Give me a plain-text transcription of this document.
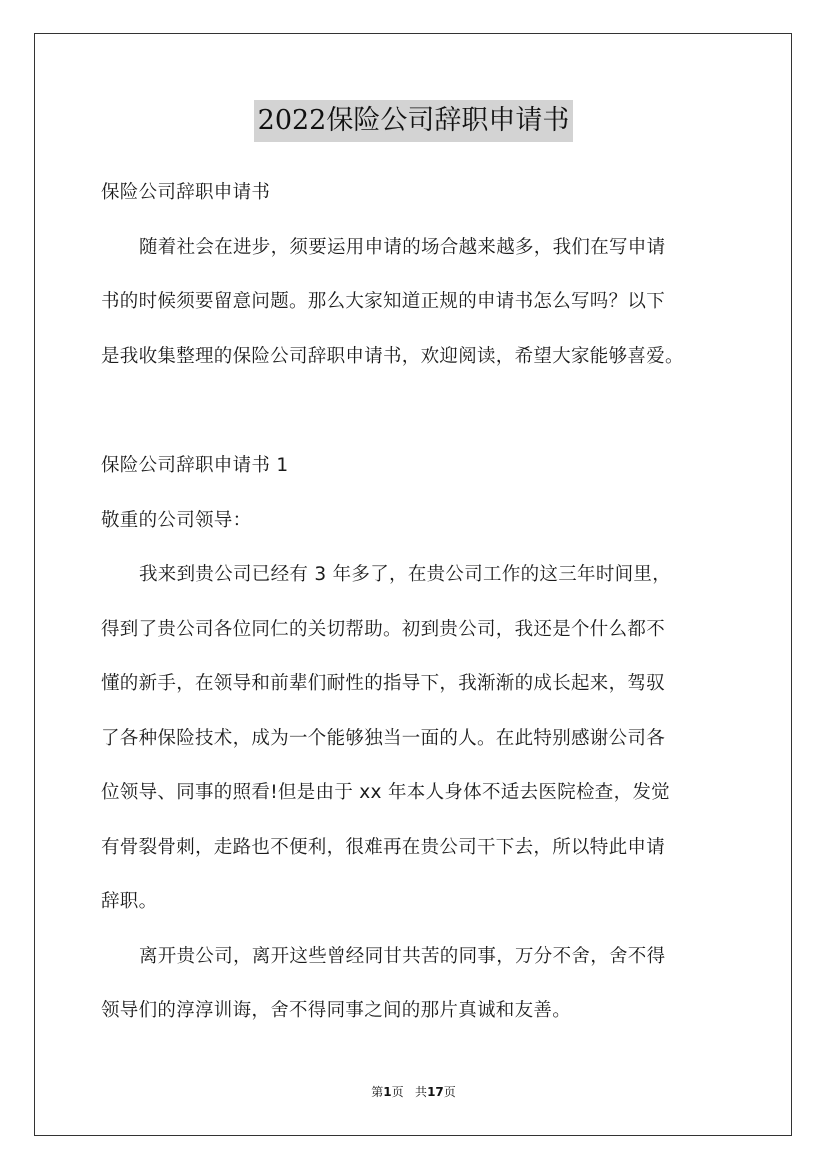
2022保险公司辞职申请书
保险公司辞职申请书
随着社会在进步，须要运用申请的场合越来越多，我们在写申请
书的时候须要留意问题。那么大家知道正规的申请书怎么写吗？以下
是我收集整理的保险公司辞职申请书，欢迎阅读，希望大家能够喜爱。
保险公司辞职申请书 1
敬重的公司领导：
我来到贵公司已经有 3 年多了，在贵公司工作的这三年时间里，
得到了贵公司各位同仁的关切帮助。初到贵公司，我还是个什么都不
懂的新手，在领导和前辈们耐性的指导下，我渐渐的成长起来，驾驭
了各种保险技术，成为一个能够独当一面的人。在此特别感谢公司各
位领导、同事的照看!但是由于 xx 年本人身体不适去医院检查，发觉
有骨裂骨刺，走路也不便利，很难再在贵公司干下去，所以特此申请
辞职。
离开贵公司，离开这些曾经同甘共苦的同事，万分不舍，舍不得
领导们的淳淳训诲，舍不得同事之间的那片真诚和友善。
第1页 共17页
